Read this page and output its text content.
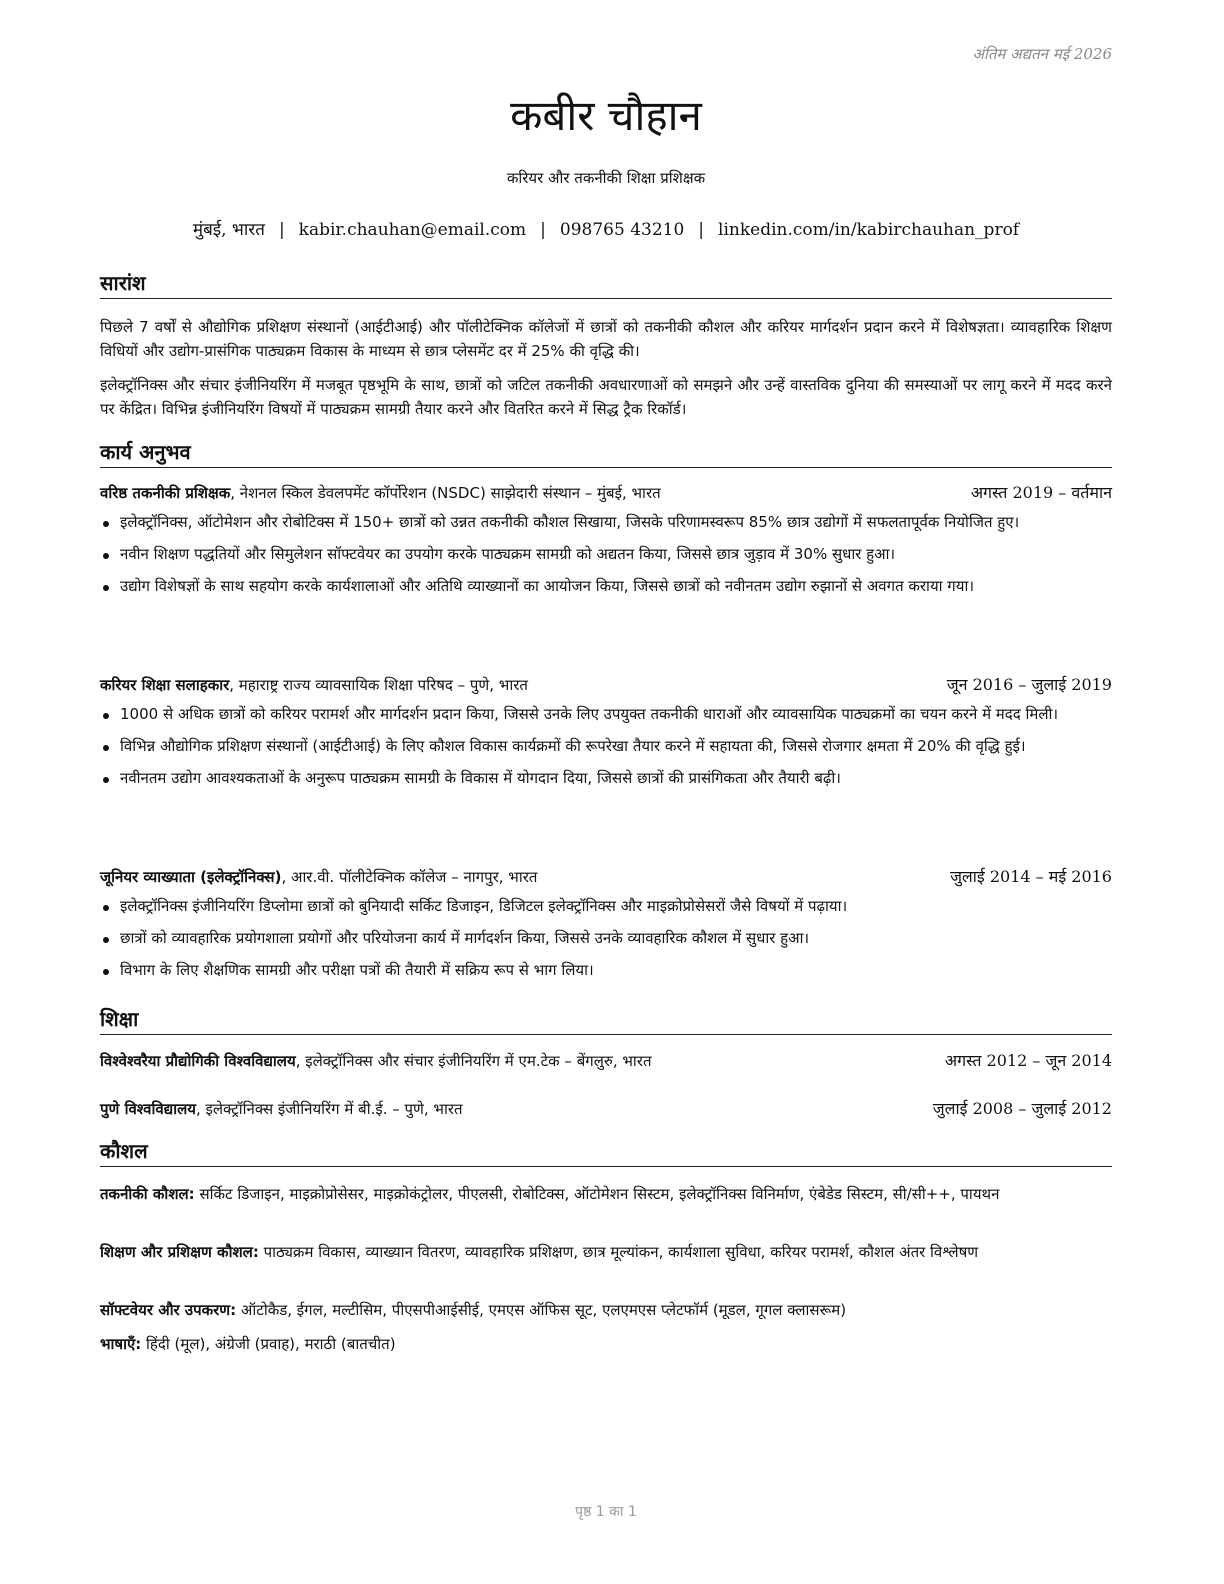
अंतिम अद्यतन मई 2026
कबीर चौहान
करियर और तकनीकी शिक्षा प्रशिक्षक
मुंबई, भारत | kabir.chauhan@email.com | 098765 43210 | linkedin.com/in/kabirchauhan_prof
सारांश
पिछले 7 वर्षों से औद्योगिक प्रशिक्षण संस्थानों (आईटीआई) और पॉलीटेक्निक कॉलेजों में छात्रों को तकनीकी कौशल और करियर मार्गदर्शन प्रदान करने में विशेषज्ञता। व्यावहारिक शिक्षण विधियों और उद्योग-प्रासंगिक पाठ्यक्रम विकास के माध्यम से छात्र प्लेसमेंट दर में 25% की वृद्धि की।
इलेक्ट्रॉनिक्स और संचार इंजीनियरिंग में मजबूत पृष्ठभूमि के साथ, छात्रों को जटिल तकनीकी अवधारणाओं को समझने और उन्हें वास्तविक दुनिया की समस्याओं पर लागू करने में मदद करने पर केंद्रित। विभिन्न इंजीनियरिंग विषयों में पाठ्यक्रम सामग्री तैयार करने और वितरित करने में सिद्ध ट्रैक रिकॉर्ड।
कार्य अनुभव
वरिष्ठ तकनीकी प्रशिक्षक, नेशनल स्किल डेवलपमेंट कॉर्पोरेशन (NSDC) साझेदारी संस्थान – मुंबई, भारत	अगस्त 2019 – वर्तमान
इलेक्ट्रॉनिक्स, ऑटोमेशन और रोबोटिक्स में 150+ छात्रों को उन्नत तकनीकी कौशल सिखाया, जिसके परिणामस्वरूप 85% छात्र उद्योगों में सफलतापूर्वक नियोजित हुए।
नवीन शिक्षण पद्धतियों और सिमुलेशन सॉफ्टवेयर का उपयोग करके पाठ्यक्रम सामग्री को अद्यतन किया, जिससे छात्र जुड़ाव में 30% सुधार हुआ।
उद्योग विशेषज्ञों के साथ सहयोग करके कार्यशालाओं और अतिथि व्याख्यानों का आयोजन किया, जिससे छात्रों को नवीनतम उद्योग रुझानों से अवगत कराया गया।
करियर शिक्षा सलाहकार, महाराष्ट्र राज्य व्यावसायिक शिक्षा परिषद – पुणे, भारत	जून 2016 – जुलाई 2019
1000 से अधिक छात्रों को करियर परामर्श और मार्गदर्शन प्रदान किया, जिससे उनके लिए उपयुक्त तकनीकी धाराओं और व्यावसायिक पाठ्यक्रमों का चयन करने में मदद मिली।
विभिन्न औद्योगिक प्रशिक्षण संस्थानों (आईटीआई) के लिए कौशल विकास कार्यक्रमों की रूपरेखा तैयार करने में सहायता की, जिससे रोजगार क्षमता में 20% की वृद्धि हुई।
नवीनतम उद्योग आवश्यकताओं के अनुरूप पाठ्यक्रम सामग्री के विकास में योगदान दिया, जिससे छात्रों की प्रासंगिकता और तैयारी बढ़ी।
जूनियर व्याख्याता (इलेक्ट्रॉनिक्स), आर.वी. पॉलीटेक्निक कॉलेज – नागपुर, भारत	जुलाई 2014 – मई 2016
इलेक्ट्रॉनिक्स इंजीनियरिंग डिप्लोमा छात्रों को बुनियादी सर्किट डिजाइन, डिजिटल इलेक्ट्रॉनिक्स और माइक्रोप्रोसेसरों जैसे विषयों में पढ़ाया।
छात्रों को व्यावहारिक प्रयोगशाला प्रयोगों और परियोजना कार्य में मार्गदर्शन किया, जिससे उनके व्यावहारिक कौशल में सुधार हुआ।
विभाग के लिए शैक्षणिक सामग्री और परीक्षा पत्रों की तैयारी में सक्रिय रूप से भाग लिया।
शिक्षा
विश्वेश्वरैया प्रौद्योगिकी विश्वविद्यालय, इलेक्ट्रॉनिक्स और संचार इंजीनियरिंग में एम.टेक – बेंगलुरु, भारत	अगस्त 2012 – जून 2014
पुणे विश्वविद्यालय, इलेक्ट्रॉनिक्स इंजीनियरिंग में बी.ई. – पुणे, भारत	जुलाई 2008 – जुलाई 2012
कौशल
तकनीकी कौशल: सर्किट डिजाइन, माइक्रोप्रोसेसर, माइक्रोकंट्रोलर, पीएलसी, रोबोटिक्स, ऑटोमेशन सिस्टम, इलेक्ट्रॉनिक्स विनिर्माण, एंबेडेड सिस्टम, सी/सी++, पायथन
शिक्षण और प्रशिक्षण कौशल: पाठ्यक्रम विकास, व्याख्यान वितरण, व्यावहारिक प्रशिक्षण, छात्र मूल्यांकन, कार्यशाला सुविधा, करियर परामर्श, कौशल अंतर विश्लेषण
सॉफ्टवेयर और उपकरण: ऑटोकैड, ईगल, मल्टीसिम, पीएसपीआईसीई, एमएस ऑफिस सूट, एलएमएस प्लेटफॉर्म (मूडल, गूगल क्लासरूम)
भाषाएँ: हिंदी (मूल), अंग्रेजी (प्रवाह), मराठी (बातचीत)
पृष्ठ 1 का 1
